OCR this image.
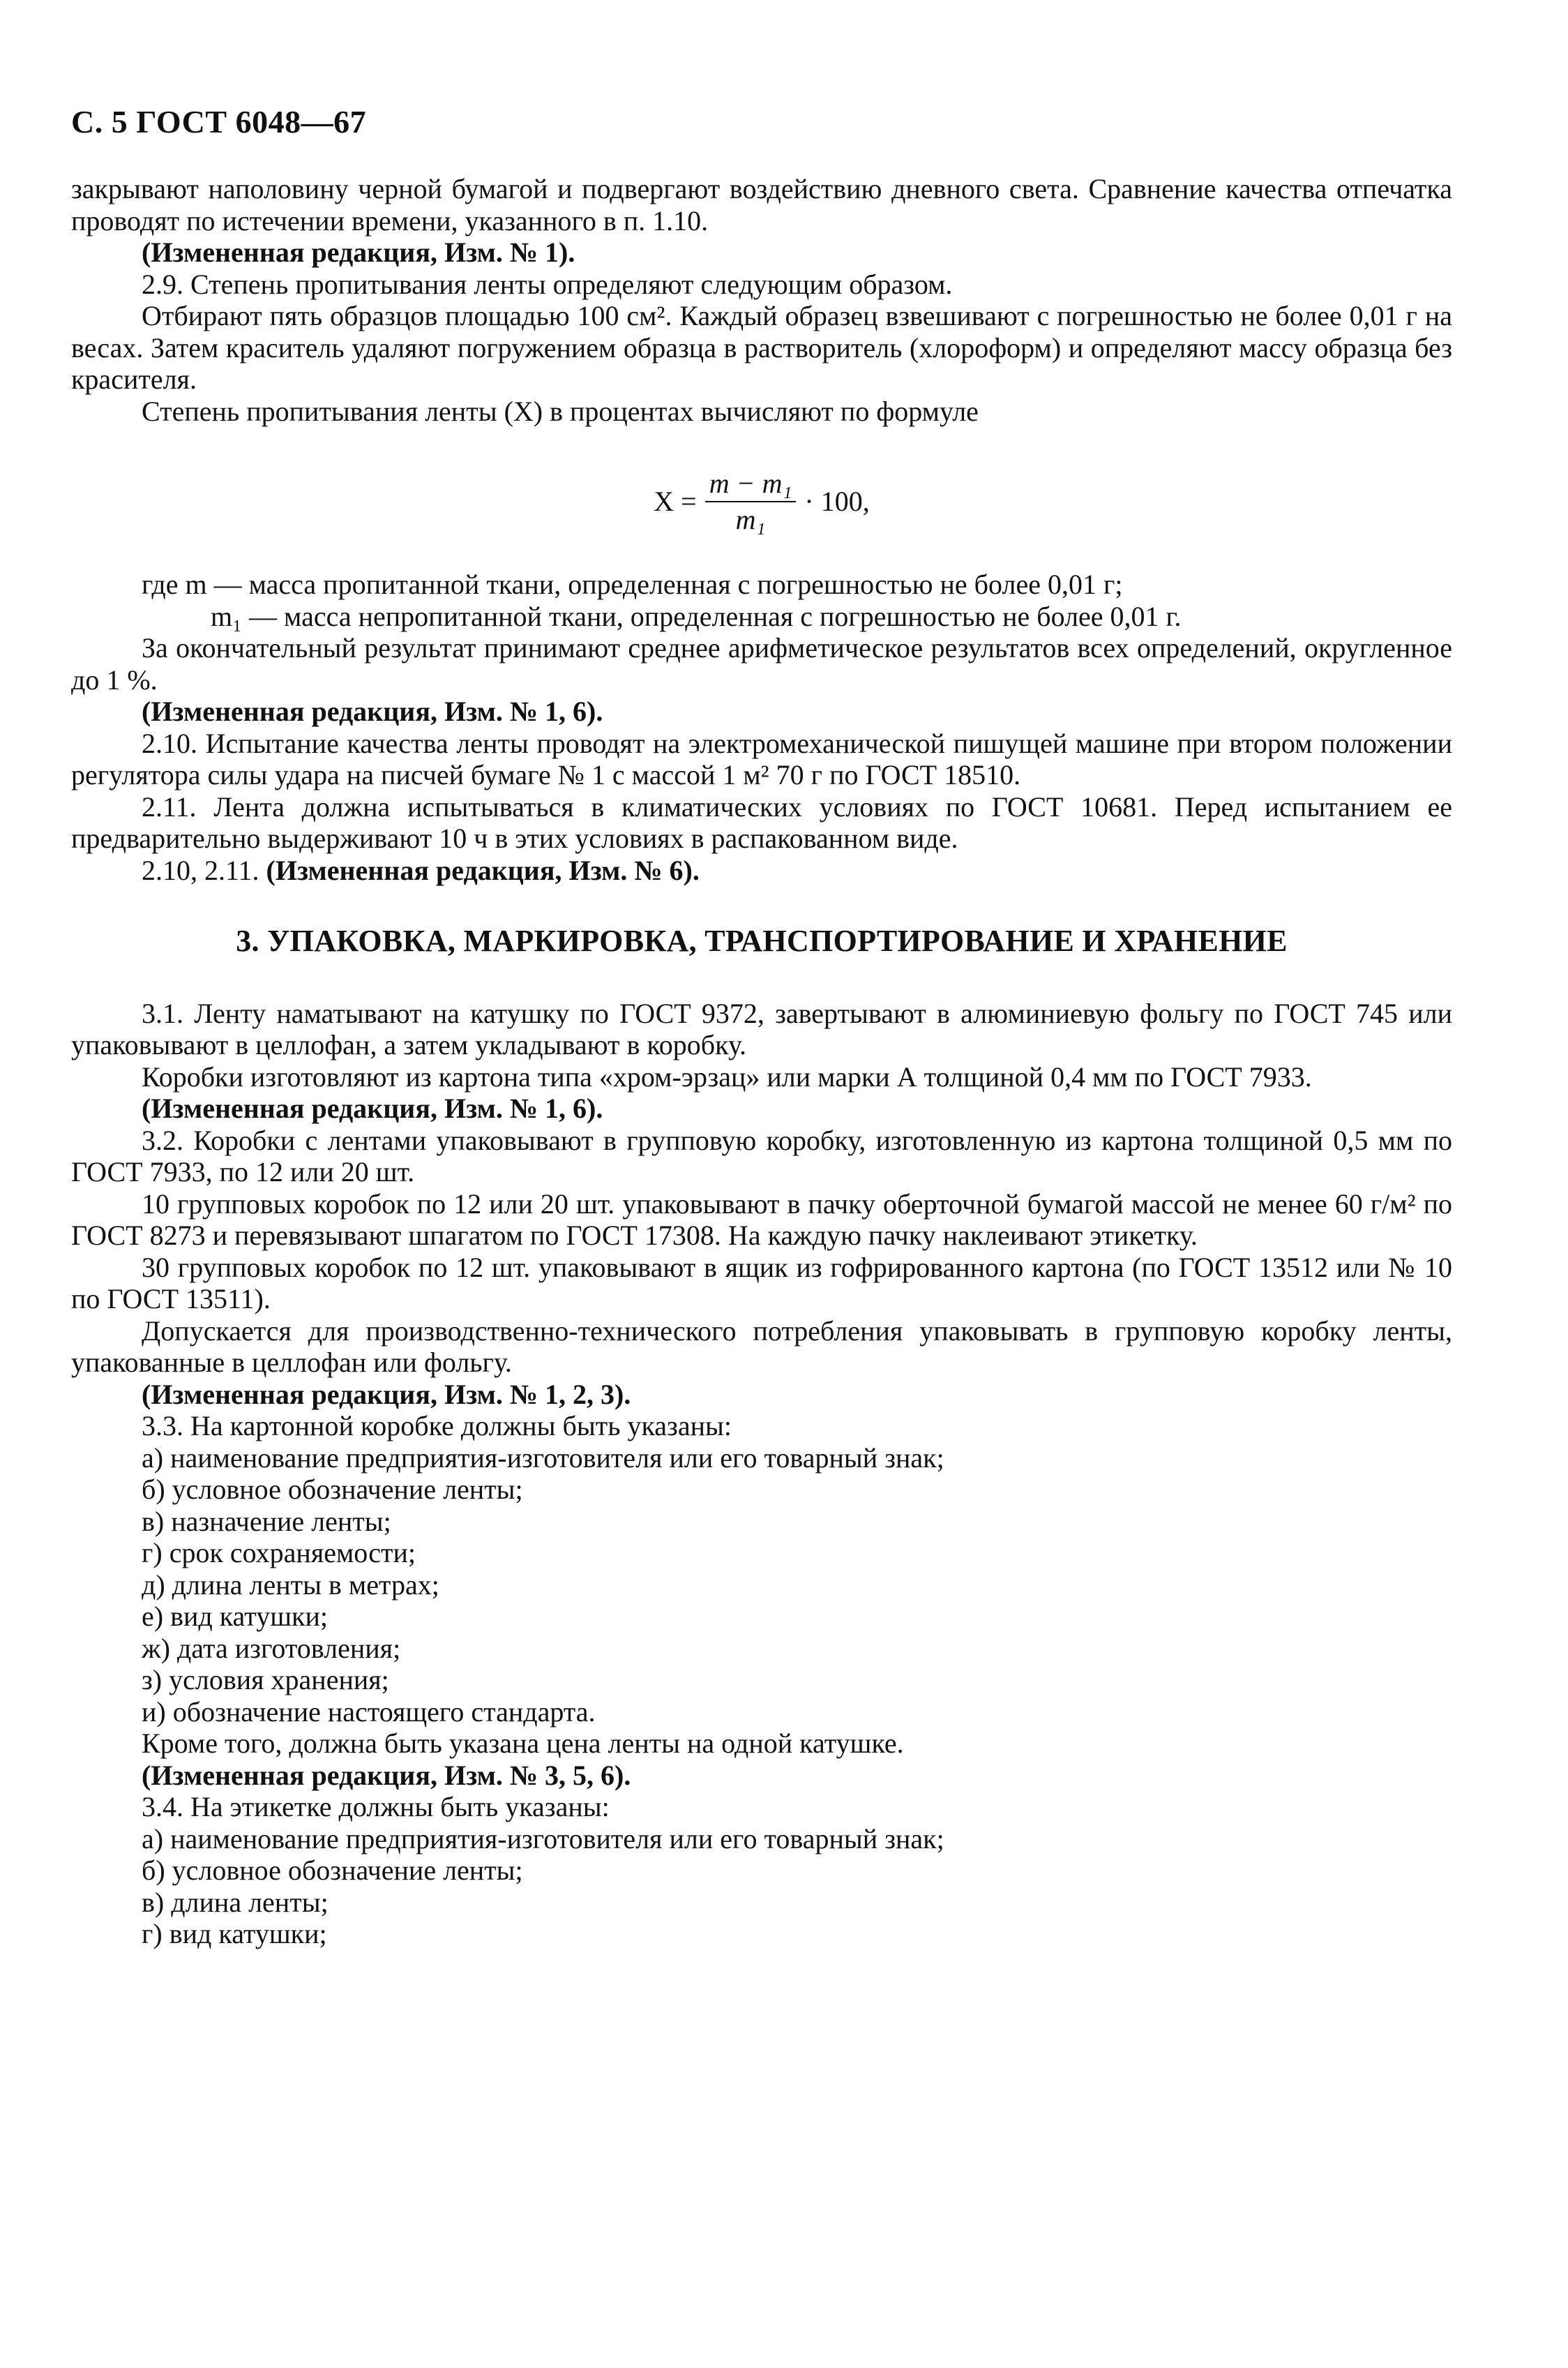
С. 5 ГОСТ 6048—67

закрывают наполовину черной бумагой и подвергают воздействию дневного света. Сравнение качества отпечатка проводят по истечении времени, указанного в п. 1.10.

(Измененная редакция, Изм. № 1).

2.9. Степень пропитывания ленты определяют следующим образом.

Отбирают пять образцов площадью 100 см². Каждый образец взвешивают с погрешностью не более 0,01 г на весах. Затем краситель удаляют погружением образца в растворитель (хлороформ) и определяют массу образца без красителя.

Степень пропитывания ленты (X) в процентах вычисляют по формуле

$X = \frac{\text{m − m₁}}{\text{m₁}} \cdot 100$,

где m — масса пропитанной ткани, определенная с погрешностью не более 0,01 г;

m₁ — масса непропитанной ткани, определенная с погрешностью не более 0,01 г.

За окончательный результат принимают среднее арифметическое результатов всех определений, округленное до 1 %.

(Измененная редакция, Изм. № 1, 6).

2.10. Испытание качества ленты проводят на электромеханической пишущей машине при втором положении регулятора силы удара на писчей бумаге № 1 с массой 1 м² 70 г по ГОСТ 18510.

2.11. Лента должна испытываться в климатических условиях по ГОСТ 10681. Перед испытанием ее предварительно выдерживают 10 ч в этих условиях в распакованном виде.

2.10, 2.11. (Измененная редакция, Изм. № 6).

3. УПАКОВКА, МАРКИРОВКА, ТРАНСПОРТИРОВАНИЕ И ХРАНЕНИЕ

3.1. Ленту наматывают на катушку по ГОСТ 9372, завертывают в алюминиевую фольгу по ГОСТ 745 или упаковывают в целлофан, а затем укладывают в коробку.

Коробки изготовляют из картона типа «хром-эрзац» или марки А толщиной 0,4 мм по ГОСТ 7933.

(Измененная редакция, Изм. № 1, 6).

3.2. Коробки с лентами упаковывают в групповую коробку, изготовленную из картона толщиной 0,5 мм по ГОСТ 7933, по 12 или 20 шт.

10 групповых коробок по 12 или 20 шт. упаковывают в пачку оберточной бумагой массой не менее 60 г/м² по ГОСТ 8273 и перевязывают шпагатом по ГОСТ 17308. На каждую пачку наклеивают этикетку.

30 групповых коробок по 12 шт. упаковывают в ящик из гофрированного картона (по ГОСТ 13512 или № 10 по ГОСТ 13511).

Допускается для производственно-технического потребления упаковывать в групповую коробку ленты, упакованные в целлофан или фольгу.

(Измененная редакция, Изм. № 1, 2, 3).

3.3. На картонной коробке должны быть указаны:

а) наименование предприятия-изготовителя или его товарный знак;

б) условное обозначение ленты;

в) назначение ленты;

г) срок сохраняемости;

д) длина ленты в метрах;

е) вид катушки;

ж) дата изготовления;

з) условия хранения;

и) обозначение настоящего стандарта.

Кроме того, должна быть указана цена ленты на одной катушке.

(Измененная редакция, Изм. № 3, 5, 6).

3.4. На этикетке должны быть указаны:

а) наименование предприятия-изготовителя или его товарный знак;

б) условное обозначение ленты;

в) длина ленты;

г) вид катушки;
